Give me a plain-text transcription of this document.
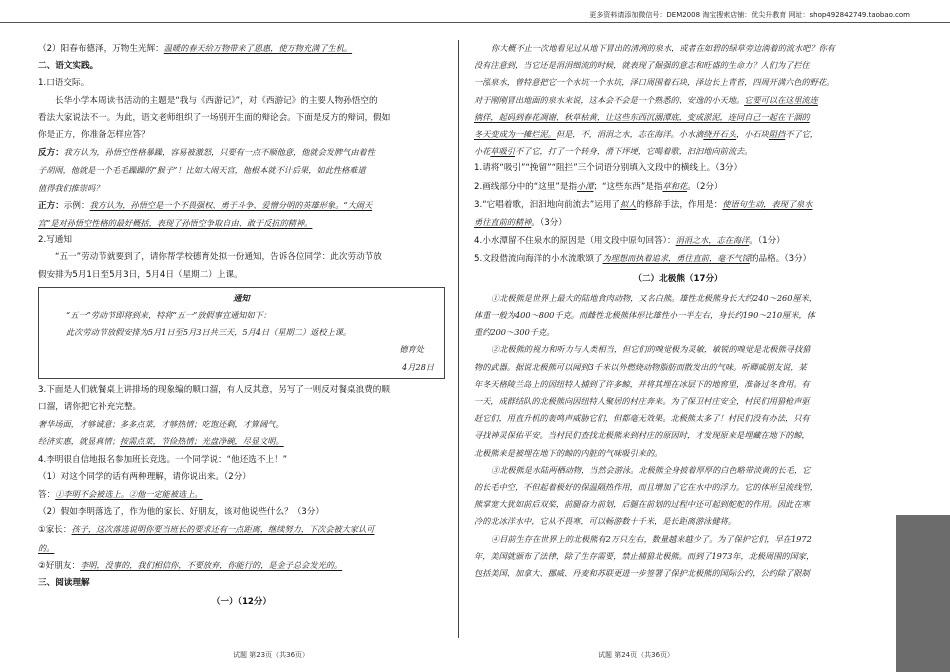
更多资料请添加微信号：DEM2008 淘宝搜索店铺：优尖升教育 网址：shop492842749.taobao.com
（2）阳春布德泽，万物生光辉：温暖的春天给万物带来了恩惠，使万物充满了生机。
二、语文实践。
1.口语交际。
长华小学本周读书活动的主题是“我与《西游记》”，对《西游记》的主要人物孙悟空的
看法大家说法不一。为此，语文老师组织了一场别开生面的辩论会。下面是反方的辩词，假如
你是正方，你准备怎样应答？
反方：我方认为，孙悟空性格暴躁，容易被激怒，只要有一点不顺他意，他就会发脾气由着性
子胡闹，他就是一个毛毛躁躁的“猴子”！比如大闹天宫，他根本就不计后果，如此性格难道
值得我们推崇吗？
正方：示例：我方认为，孙悟空是一个不畏强权、勇于斗争、爱憎分明的英雄形象。“大闹天
宫”是对孙悟空性格的最好概括，表现了孙悟空争取自由、敢于反抗的精神。
2.写通知
“五一”劳动节就要到了，请你帮学校德育处拟一份通知，告诉各位同学：此次劳动节放
假安排为5月1日至5月3日，5月4日（星期二）上课。
通知
“五一”劳动节即将到来，特将“五一”放假事宜通知如下：
此次劳动节放假安排为5月1日至5月3日共三天，5月4日（星期二）返校上课。
德育处
4月28日
3.下面是人们就餐桌上讲排场的现象编的顺口溜，有人反其意，另写了一则反对餐桌浪费的顺
口溜，请你把它补充完整。
奢华场面，才够诚意；多多点菜，才够热情；吃饱还剩，才算阔气。
经济实惠，就显真情；按需点菜，节俭热情；光盘净碗，尽显文明。
4.李明很自信地报名参加班长竞选。一个同学说：“他还选不上！”
（1）对这个同学的话有两种理解，请你说出来。（2分）
答：①李明不会被选上。②他一定能被选上。
（2）假如李明落选了，作为他的家长、好朋友，该对他说些什么？（3分）
①家长：孩子，这次落选说明你要当班长的要求还有一点距离，继续努力，下次会被大家认可
的。
②好朋友：李明，没事的，我们相信你，不要放弃，你能行的，是金子总会发光的。
三、阅读理解
（一）（12分）
你大概不止一次地看见过从地下冒出的清冽的泉水，或者在如碧的绿草旁边淌着的流水吧？你有
没有注意到，当它还是涓涓细流的时候，就表现了倔强的意志和旺盛的生命力？人们为了拦住
一泓泉水，曾特意把它一个水坑一个水坑，泽口周围着石块，泽边长上青苔，四周开满六色的野花。
对于刚刚冒出地面的泉水来说，这本会不会是一个熟悉的、安逸的小天地。它要可以在这里流连
徜徉，起码到春花凋谢、秋草枯黄，让这些东西沉溺潭底，变成淤泥，连同自己一起在干涸的
冬天变成为一摊烂泥。但是，不，涓涓之水，志在海洋。小水滴绕开石头，小石块阻挡不了它，
小花草吸引不了它，打了一个转身，滑下坪埂，它喝着歌，汩汩地向前流去。
1.请将“吸引”“挽留”“阻拦”三个词语分别填入文段中的横线上。（3分）
2.画线部分中的“这里”是指小潭；“这些东西”是指草和花。（2分）
3.“它唱着歌，汩汩地向前流去”运用了拟人的修辞手法，作用是：使语句生动，表现了泉水
勇往直前的精神。（3分）
4.小水潭留不住泉水的原因是（用文段中原句回答）：涓涓之水，志在海洋。（1分）
5.文段借流向海洋的小水流歌颂了为理想而执着追求，勇往直前，毫不气馁的品格。（3分）
（二）北极熊（17分）
①北极熊是世界上最大的陆地食肉动物，又名白熊。雄性北极熊身长大约240～260厘米，
体重一般为400～800千克。而雌性北极熊体形比雄性小一半左右，身长约190～210厘米，体
重约200～300千克。
②北极熊的视力和听力与人类相当，但它们的嗅觉极为灵敏，敏锐的嗅觉是北极熊寻找猎
物的武器。据说北极熊可以闻到3千米以外燃烧动物脂肪而散发出的气味。听卿戚朋友说，某
年冬天格陵兰岛上的因纽特人捕到了许多鲸，并将其埋在冰层下的地窖里，准备过冬食用。有
一天，成群结队的北极熊向因纽特人聚居的村庄奔来。为了保卫村庄安全，村民们用猎枪声驱
赶它们，用直升机的轰鸣声威胁它们，但都毫无效果。北极熊太多了！村民们没有办法，只有
寻找神灵保佑平安。当村民们查找北极熊来到村庄的原因时，才发现原来是埋藏在地下的鲸，
北极熊来是被埋在地下的鲸的内脏的气味吸引来的。
③北极熊是水陆两栖动物，当然会游泳。北极熊全身披着厚厚的白色略带淡黄的长毛，它
的长毛中空，不但起着极好的保温隔热作用，而且增加了它在水中的浮力。它的体形呈流线型，
熊掌宽大犹如前后双桨，前腿奋力前划，后腿在前划的过程中还可起到舵舵的作用。因此在寒
冷的北冰洋水中，它从不畏寒，可以畅游数十千米，是长距离游泳健将。
④目前生存在世界上的北极熊有2万只左右，数量越来越少了。为了保护它们，早在1972
年，美国就颁布了法律，除了生存需要，禁止捕猎北极熊。而到了1973年，北极周围的国家，
包括美国、加拿大、挪威、丹麦和苏联更进一步签署了保护北极熊的国际公约，公约除了限制
试题 第23页（共36页）	试题 第24页（共36页）
